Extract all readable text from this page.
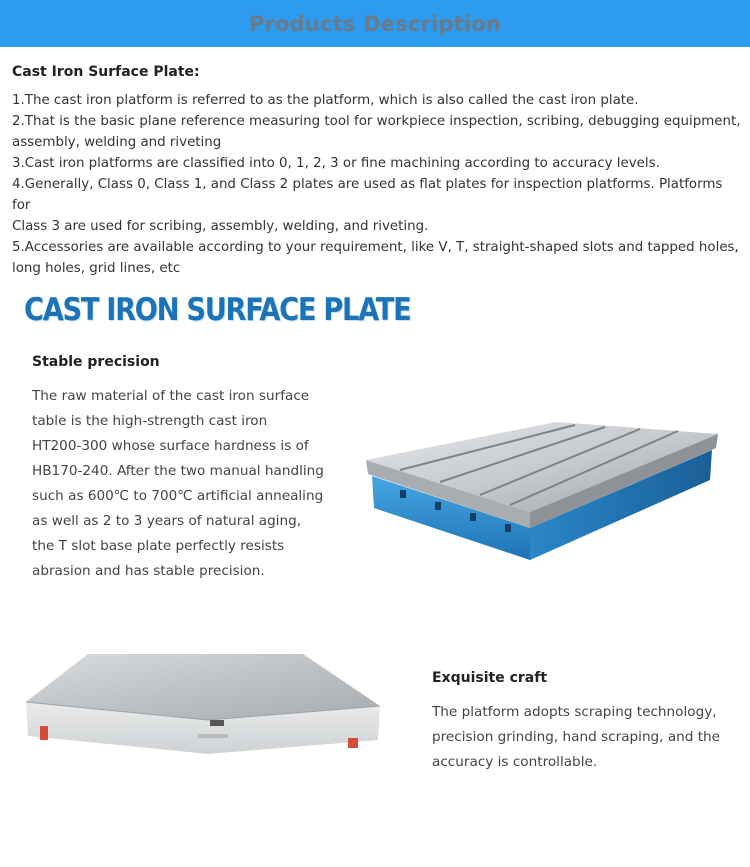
Products Description
Cast Iron Surface Plate:
1.The cast iron platform is referred to as the platform, which is also called the cast iron plate.
2.That is the basic plane reference measuring tool for workpiece inspection, scribing, debugging equipment,
assembly, welding and riveting
3.Cast iron platforms are classified into 0, 1, 2, 3 or fine machining according to accuracy levels.
4.Generally, Class 0, Class 1, and Class 2 plates are used as flat plates for inspection platforms. Platforms for
Class 3 are used for scribing, assembly, welding, and riveting.
5.Accessories are available according to your requirement, like V, T, straight-shaped slots and tapped holes,
long holes, grid lines, etc
CAST IRON SURFACE PLATE
Stable precision
The raw material of the cast iron surface
table is the high-strength cast iron
HT200-300 whose surface hardness is of
HB170-240. After the two manual handling
such as 600℃ to 700℃ artificial annealing
as well as 2 to 3 years of natural aging,
the T slot base plate perfectly resists
abrasion and has stable precision.
Exquisite craft
The platform adopts scraping technology,
precision grinding, hand scraping, and the
accuracy is controllable.
